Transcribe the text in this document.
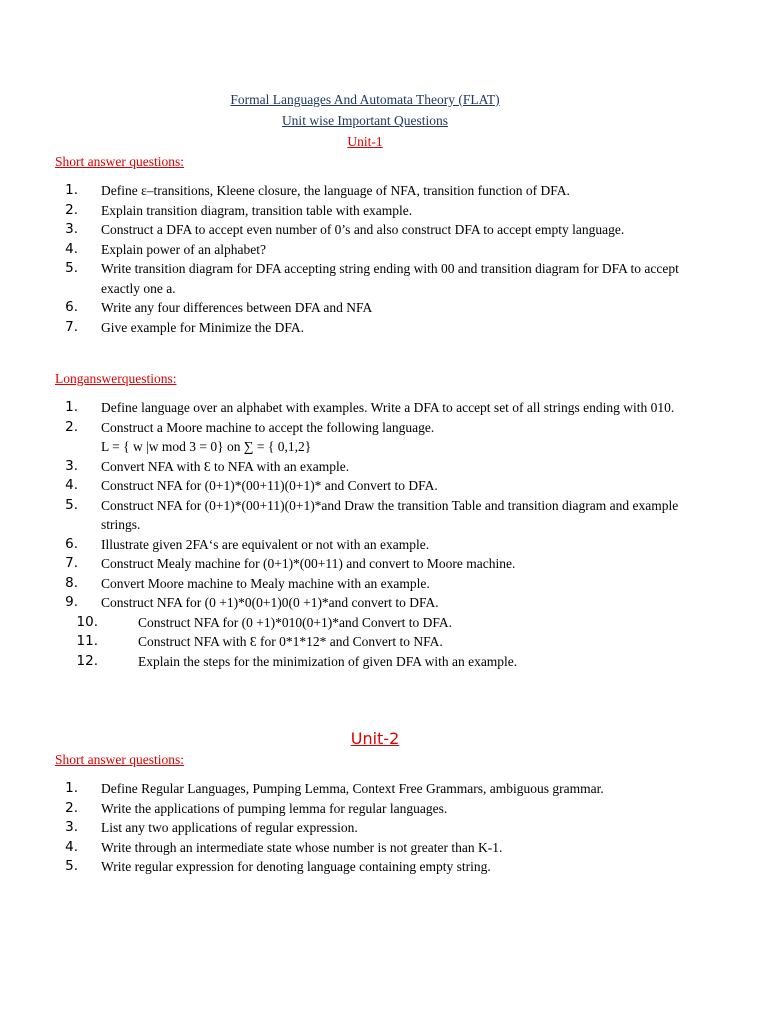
Formal Languages And Automata Theory (FLAT)
Unit wise Important Questions
Unit-1
Short answer questions:
1. Define ε–transitions, Kleene closure, the language of NFA, transition function of DFA.
2. Explain transition diagram, transition table with example.
3. Construct a DFA to accept even number of 0’s and also construct DFA to accept empty language.
4. Explain power of an alphabet?
5. Write transition diagram for DFA accepting string ending with 00 and transition diagram for DFA to accept exactly one a.
6. Write any four differences between DFA and NFA
7. Give example for Minimize the DFA.
Longanswerquestions:
1. Define language over an alphabet with examples. Write a DFA to accept set of all strings ending with 010.
2. Construct a Moore machine to accept the following language.
L = { w |w mod 3 = 0} on ∑ = { 0,1,2}
3. Convert NFA with Ɛ to NFA with an example.
4. Construct NFA for (0+1)*(00+11)(0+1)* and Convert to DFA.
5. Construct NFA for (0+1)*(00+11)(0+1)*and Draw the transition Table and transition diagram and example strings.
6. Illustrate given 2FA‘s are equivalent or not with an example.
7. Construct Mealy machine for (0+1)*(00+11) and convert to Moore machine.
8. Convert Moore machine to Mealy machine with an example.
9. Construct NFA for (0 +1)*0(0+1)0(0 +1)*and convert to DFA.
10.	Construct NFA for (0 +1)*010(0+1)*and Convert to DFA.
11.	Construct NFA with Ɛ for 0*1*12* and Convert to NFA.
12.	Explain the steps for the minimization of given DFA with an example.
Unit-2
Short answer questions:
1. Define Regular Languages, Pumping Lemma, Context Free Grammars, ambiguous grammar.
2. Write the applications of pumping lemma for regular languages.
3. List any two applications of regular expression.
4. Write through an intermediate state whose number is not greater than K-1.
5. Write regular expression for denoting language containing empty string.
